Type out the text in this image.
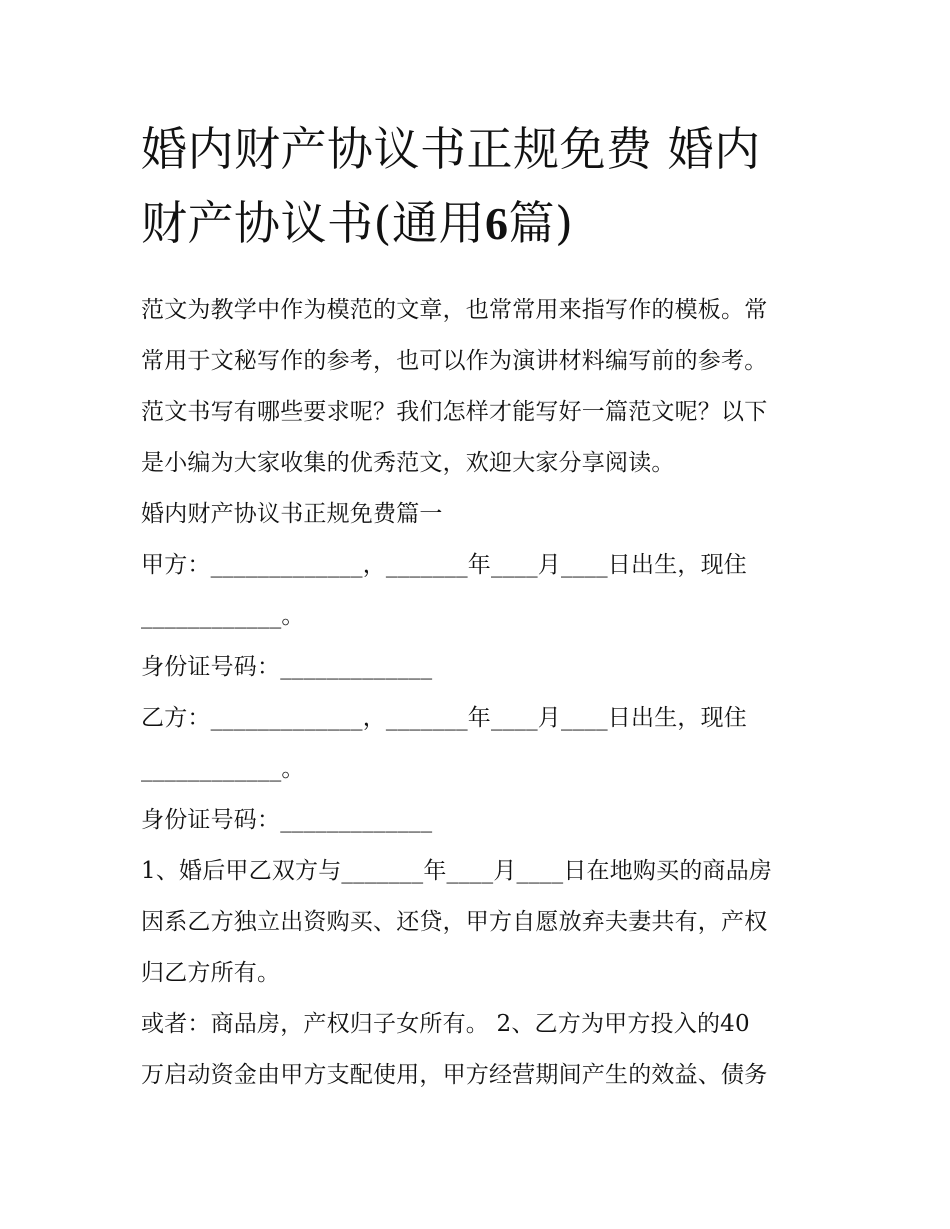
婚内财产协议书正规免费 婚内
财产协议书(通用6篇)
范文为教学中作为模范的文章，也常常用来指写作的模板。常
常用于文秘写作的参考，也可以作为演讲材料编写前的参考。
范文书写有哪些要求呢？我们怎样才能写好一篇范文呢？以下
是小编为大家收集的优秀范文，欢迎大家分享阅读。
婚内财产协议书正规免费篇一
甲方：_____________，_______年____月____日出生，现住
____________。
身份证号码：_____________
乙方：_____________，_______年____月____日出生，现住
____________。
身份证号码：_____________
1、婚后甲乙双方与_______年____月____日在地购买的商品房
因系乙方独立出资购买、还贷，甲方自愿放弃夫妻共有，产权
归乙方所有。
或者：商品房，产权归子女所有。 2、乙方为甲方投入的40
万启动资金由甲方支配使用，甲方经营期间产生的效益、债务
